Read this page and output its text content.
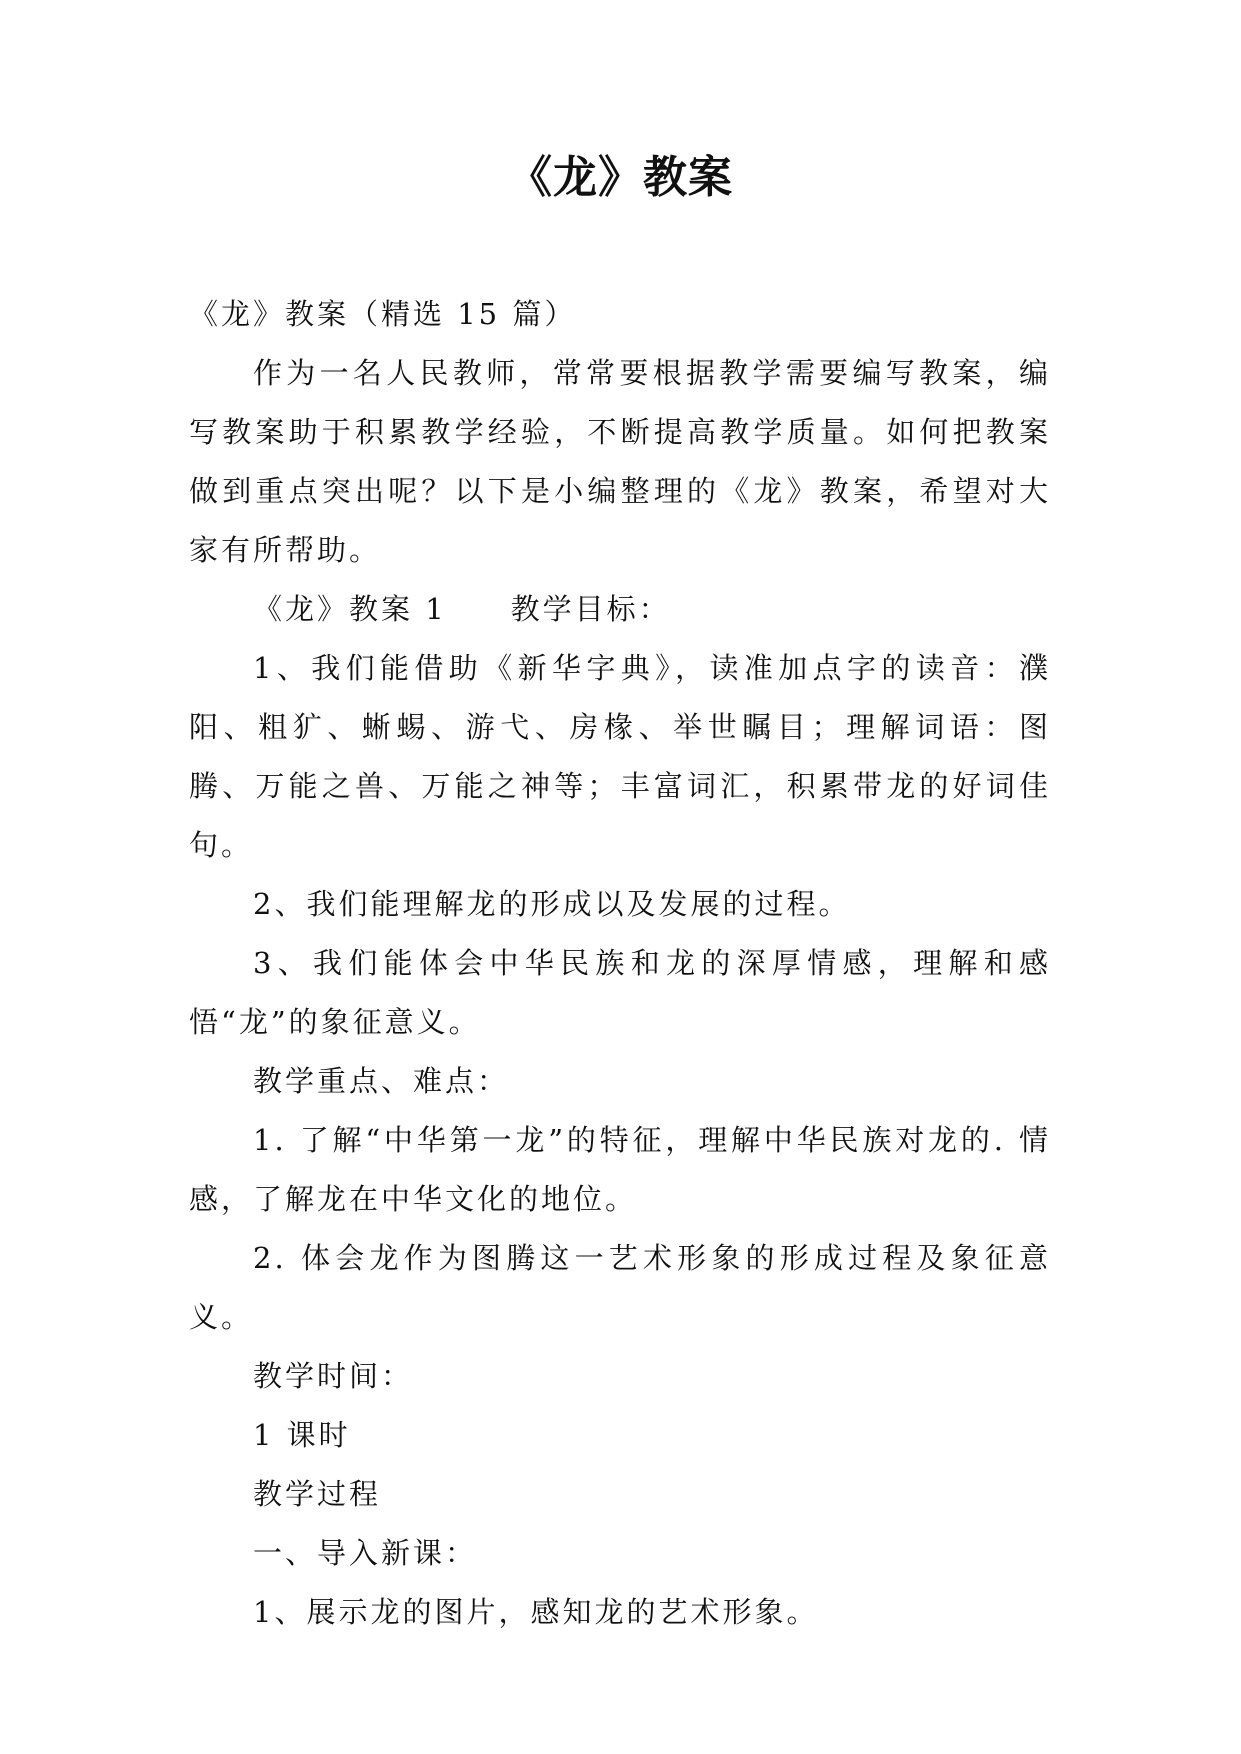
《龙》教案

《龙》教案（精选 15 篇）

作为一名人民教师，常常要根据教学需要编写教案，编写教案助于积累教学经验，不断提高教学质量。如何把教案做到重点突出呢？以下是小编整理的《龙》教案，希望对大家有所帮助。

《龙》教案 1　　教学目标：

1、我们能借助《新华字典》，读准加点字的读音：濮阳、粗犷、蜥蜴、游弋、房椽、举世瞩目；理解词语：图腾、万能之兽、万能之神等；丰富词汇，积累带龙的好词佳句。

2、我们能理解龙的形成以及发展的过程。

3、我们能体会中华民族和龙的深厚情感，理解和感悟“龙”的象征意义。

教学重点、难点：

1. 了解“中华第一龙”的特征，理解中华民族对龙的. 情感，了解龙在中华文化的地位。

2. 体会龙作为图腾这一艺术形象的形成过程及象征意义。

教学时间：

1 课时

教学过程

一、导入新课：

1、展示龙的图片，感知龙的艺术形象。
